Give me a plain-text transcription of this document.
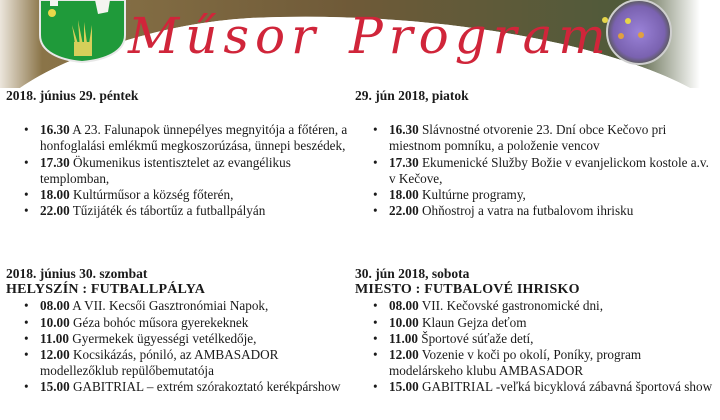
Műsor Program
2018. június 29. péntek
• 16.30 A 23. Falunapok ünnepélyes megnyitója a főtéren, a honfoglalási emlékmű megkoszorúzása, ünnepi beszédek,
• 17.30 Ökumenikus istentisztelet az evangélikus templomban,
• 18.00 Kultúrműsor a község főterén,
• 22.00 Tűzijáték és tábortűz a futballpályán
2018. június 30. szombat
HELYSZÍN : FUTBALLPÁLYA
• 08.00 A VII. Kecsői Gasztronómiai Napok,
• 10.00 Géza bohóc műsora gyerekeknek
• 11.00 Gyermekek ügyességi vetélkedője,
• 12.00 Kocsikázás, póniló, az AMBASADOR modellezőklub repülőbemutatója
• 15.00 GABITRIAL – extrém szórakoztató kerékpárshow
29. jún 2018, piatok
• 16.30 Slávnostné otvorenie 23. Dní obce Kečovo pri miestnom pomníku, a položenie vencov
• 17.30 Ekumenické Služby Božie v evanjelickom kostole a.v. v Kečove,
• 18.00 Kultúrne programy,
• 22.00 Ohňostroj a vatra na futbalovom ihrisku
30. jún 2018, sobota
MIESTO : FUTBALOVÉ IHRISKO
• 08.00 VII. Kečovské gastronomické dni,
• 10.00 Klaun Gejza deťom
• 11.00 Športové súťaže detí,
• 12.00 Vozenie v koči po okolí, Poníky, program modelárskeho klubu AMBASADOR
• 15.00 GABITRIAL -veľká bicyklová zábavná športová show
